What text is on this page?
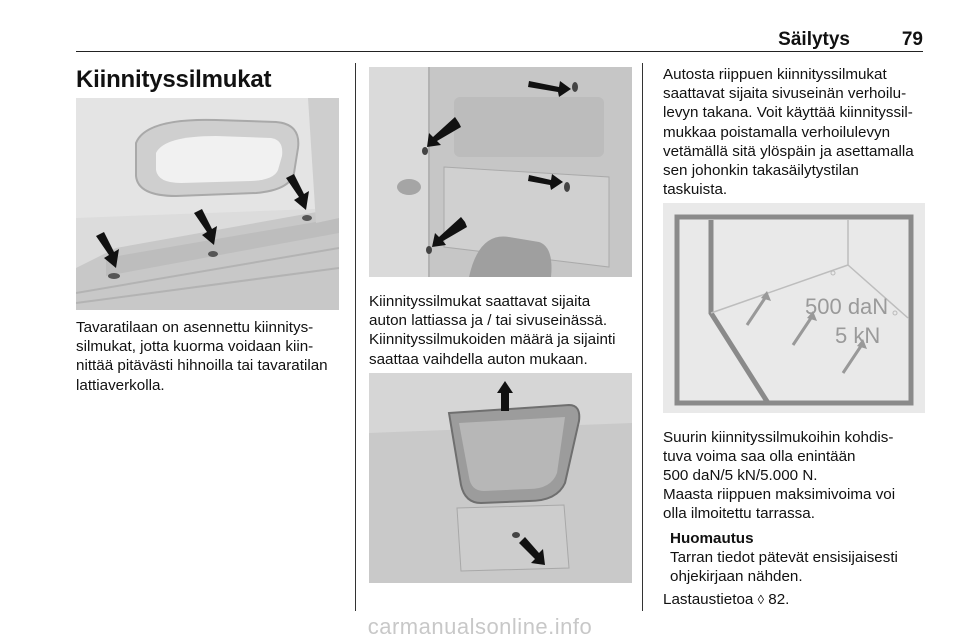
Säilytys	79
Kiinnityssilmukat

Tavaratilaan on asennettu kiinnitys-
silmukat, jotta kuorma voidaan kiin-
nittää pitävästi hihnoilla tai tavaratilan
lattiaverkolla.

Kiinnityssilmukat saattavat sijaita
auton lattiassa ja / tai sivuseinässä.
Kiinnityssilmukoiden määrä ja sijainti
saattaa vaihdella auton mukaan.

Autosta riippuen kiinnityssilmukat
saattavat sijaita sivuseinän verhoilu-
levyn takana. Voit käyttää kiinnityssil-
mukkaa poistamalla verhoilulevyn
vetämällä sitä ylöspäin ja asettamalla
sen johonkin takasäilytystilan
taskuista.

500 daN
5 kN

Suurin kiinnityssilmukoihin kohdis-
tuva voima saa olla enintään
500 daN/5 kN/5.000 N.

Maasta riippuen maksimivoima voi
olla ilmoitettu tarrassa.

Huomautus
Tarran tiedot pätevät ensisijaisesti
ohjekirjaan nähden.

Lastaustietoa ◊ 82.

carmanualsonline.info
